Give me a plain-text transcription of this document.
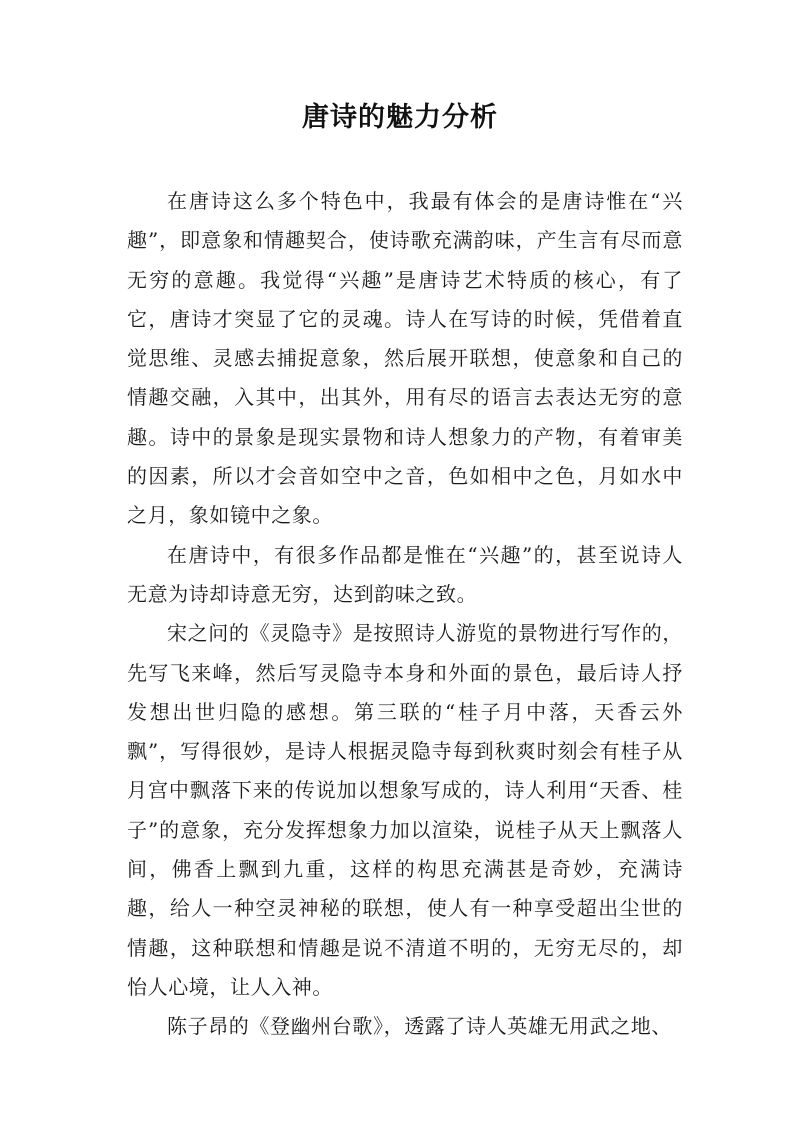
唐诗的魅力分析

在唐诗这么多个特色中，我最有体会的是唐诗惟在“兴趣”，即意象和情趣契合，使诗歌充满韵味，产生言有尽而意无穷的意趣。我觉得“兴趣”是唐诗艺术特质的核心，有了它，唐诗才突显了它的灵魂。诗人在写诗的时候，凭借着直觉思维、灵感去捕捉意象，然后展开联想，使意象和自己的情趣交融，入其中，出其外，用有尽的语言去表达无穷的意趣。诗中的景象是现实景物和诗人想象力的产物，有着审美的因素，所以才会音如空中之音，色如相中之色，月如水中之月，象如镜中之象。

在唐诗中，有很多作品都是惟在“兴趣”的，甚至说诗人无意为诗却诗意无穷，达到韵味之致。

宋之问的《灵隐寺》是按照诗人游览的景物进行写作的，先写飞来峰，然后写灵隐寺本身和外面的景色，最后诗人抒发想出世归隐的感想。第三联的“桂子月中落，天香云外飘”，写得很妙，是诗人根据灵隐寺每到秋爽时刻会有桂子从月宫中飘落下来的传说加以想象写成的，诗人利用“天香、桂子”的意象，充分发挥想象力加以渲染，说桂子从天上飘落人间，佛香上飘到九重，这样的构思充满甚是奇妙，充满诗趣，给人一种空灵神秘的联想，使人有一种享受超出尘世的情趣，这种联想和情趣是说不清道不明的，无穷无尽的，却怡人心境，让人入神。

陈子昂的《登幽州台歌》，透露了诗人英雄无用武之地、
